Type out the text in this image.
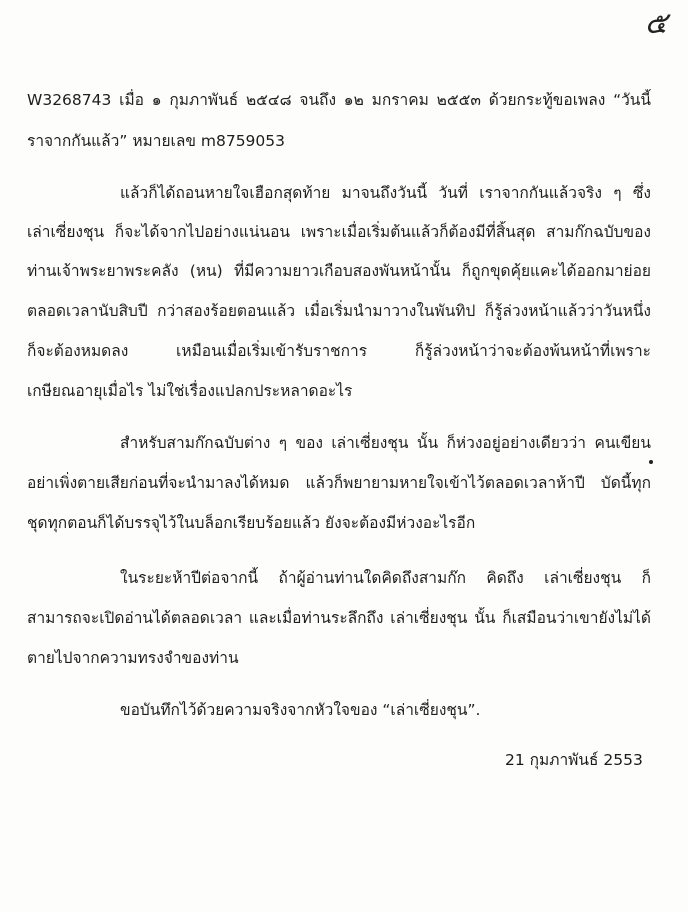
๕
W3268743 เมื่อ ๑ กุมภาพันธ์ ๒๕๔๘ จนถึง ๑๒ มกราคม ๒๕๕๓ ด้วยกระทู้ขอเพลง “วันนี้
ราจากกันแล้ว” หมายเลข m8759053
แล้วก็ได้ถอนหายใจเฮือกสุดท้าย มาจนถึงวันนี้ วันที่ เราจากกันแล้วจริง ๆ ซึ่ง
เล่าเซี่ยงชุน ก็จะได้จากไปอย่างแน่นอน เพราะเมื่อเริ่มต้นแล้วก็ต้องมีที่สิ้นสุด สามก๊กฉบับของ
ท่านเจ้าพระยาพระคลัง (หน) ที่มีความยาวเกือบสองพันหน้านั้น ก็ถูกขุดคุ้ยแคะได้ออกมาย่อย
ตลอดเวลานับสิบปี กว่าสองร้อยตอนแล้ว เมื่อเริ่มนำมาวางในพันทิป ก็รู้ล่วงหน้าแล้วว่าวันหนึ่ง
ก็จะต้องหมดลง เหมือนเมื่อเริ่มเข้ารับราชการ ก็รู้ล่วงหน้าว่าจะต้องพ้นหน้าที่เพราะ
เกษียณอายุเมื่อไร ไม่ใช่เรื่องแปลกประหลาดอะไร
สำหรับสามก๊กฉบับต่าง ๆ ของ เล่าเซี่ยงชุน นั้น ก็ห่วงอยู่อย่างเดียวว่า คนเขียน
อย่าเพิ่งตายเสียก่อนที่จะนำมาลงได้หมด แล้วก็พยายามหายใจเข้าไว้ตลอดเวลาห้าปี บัดนี้ทุก
ชุดทุกตอนก็ได้บรรจุไว้ในบล็อกเรียบร้อยแล้ว ยังจะต้องมีห่วงอะไรอีก
ในระยะห้าปีต่อจากนี้ ถ้าผู้อ่านท่านใดคิดถึงสามก๊ก คิดถึง เล่าเซี่ยงชุน ก็
สามารถจะเปิดอ่านได้ตลอดเวลา และเมื่อท่านระลึกถึง เล่าเซี่ยงชุน นั้น ก็เสมือนว่าเขายังไม่ได้
ตายไปจากความทรงจำของท่าน
ขอบันทึกไว้ด้วยความจริงจากหัวใจของ “เล่าเซี่ยงชุน”.
21 กุมภาพันธ์ 2553
